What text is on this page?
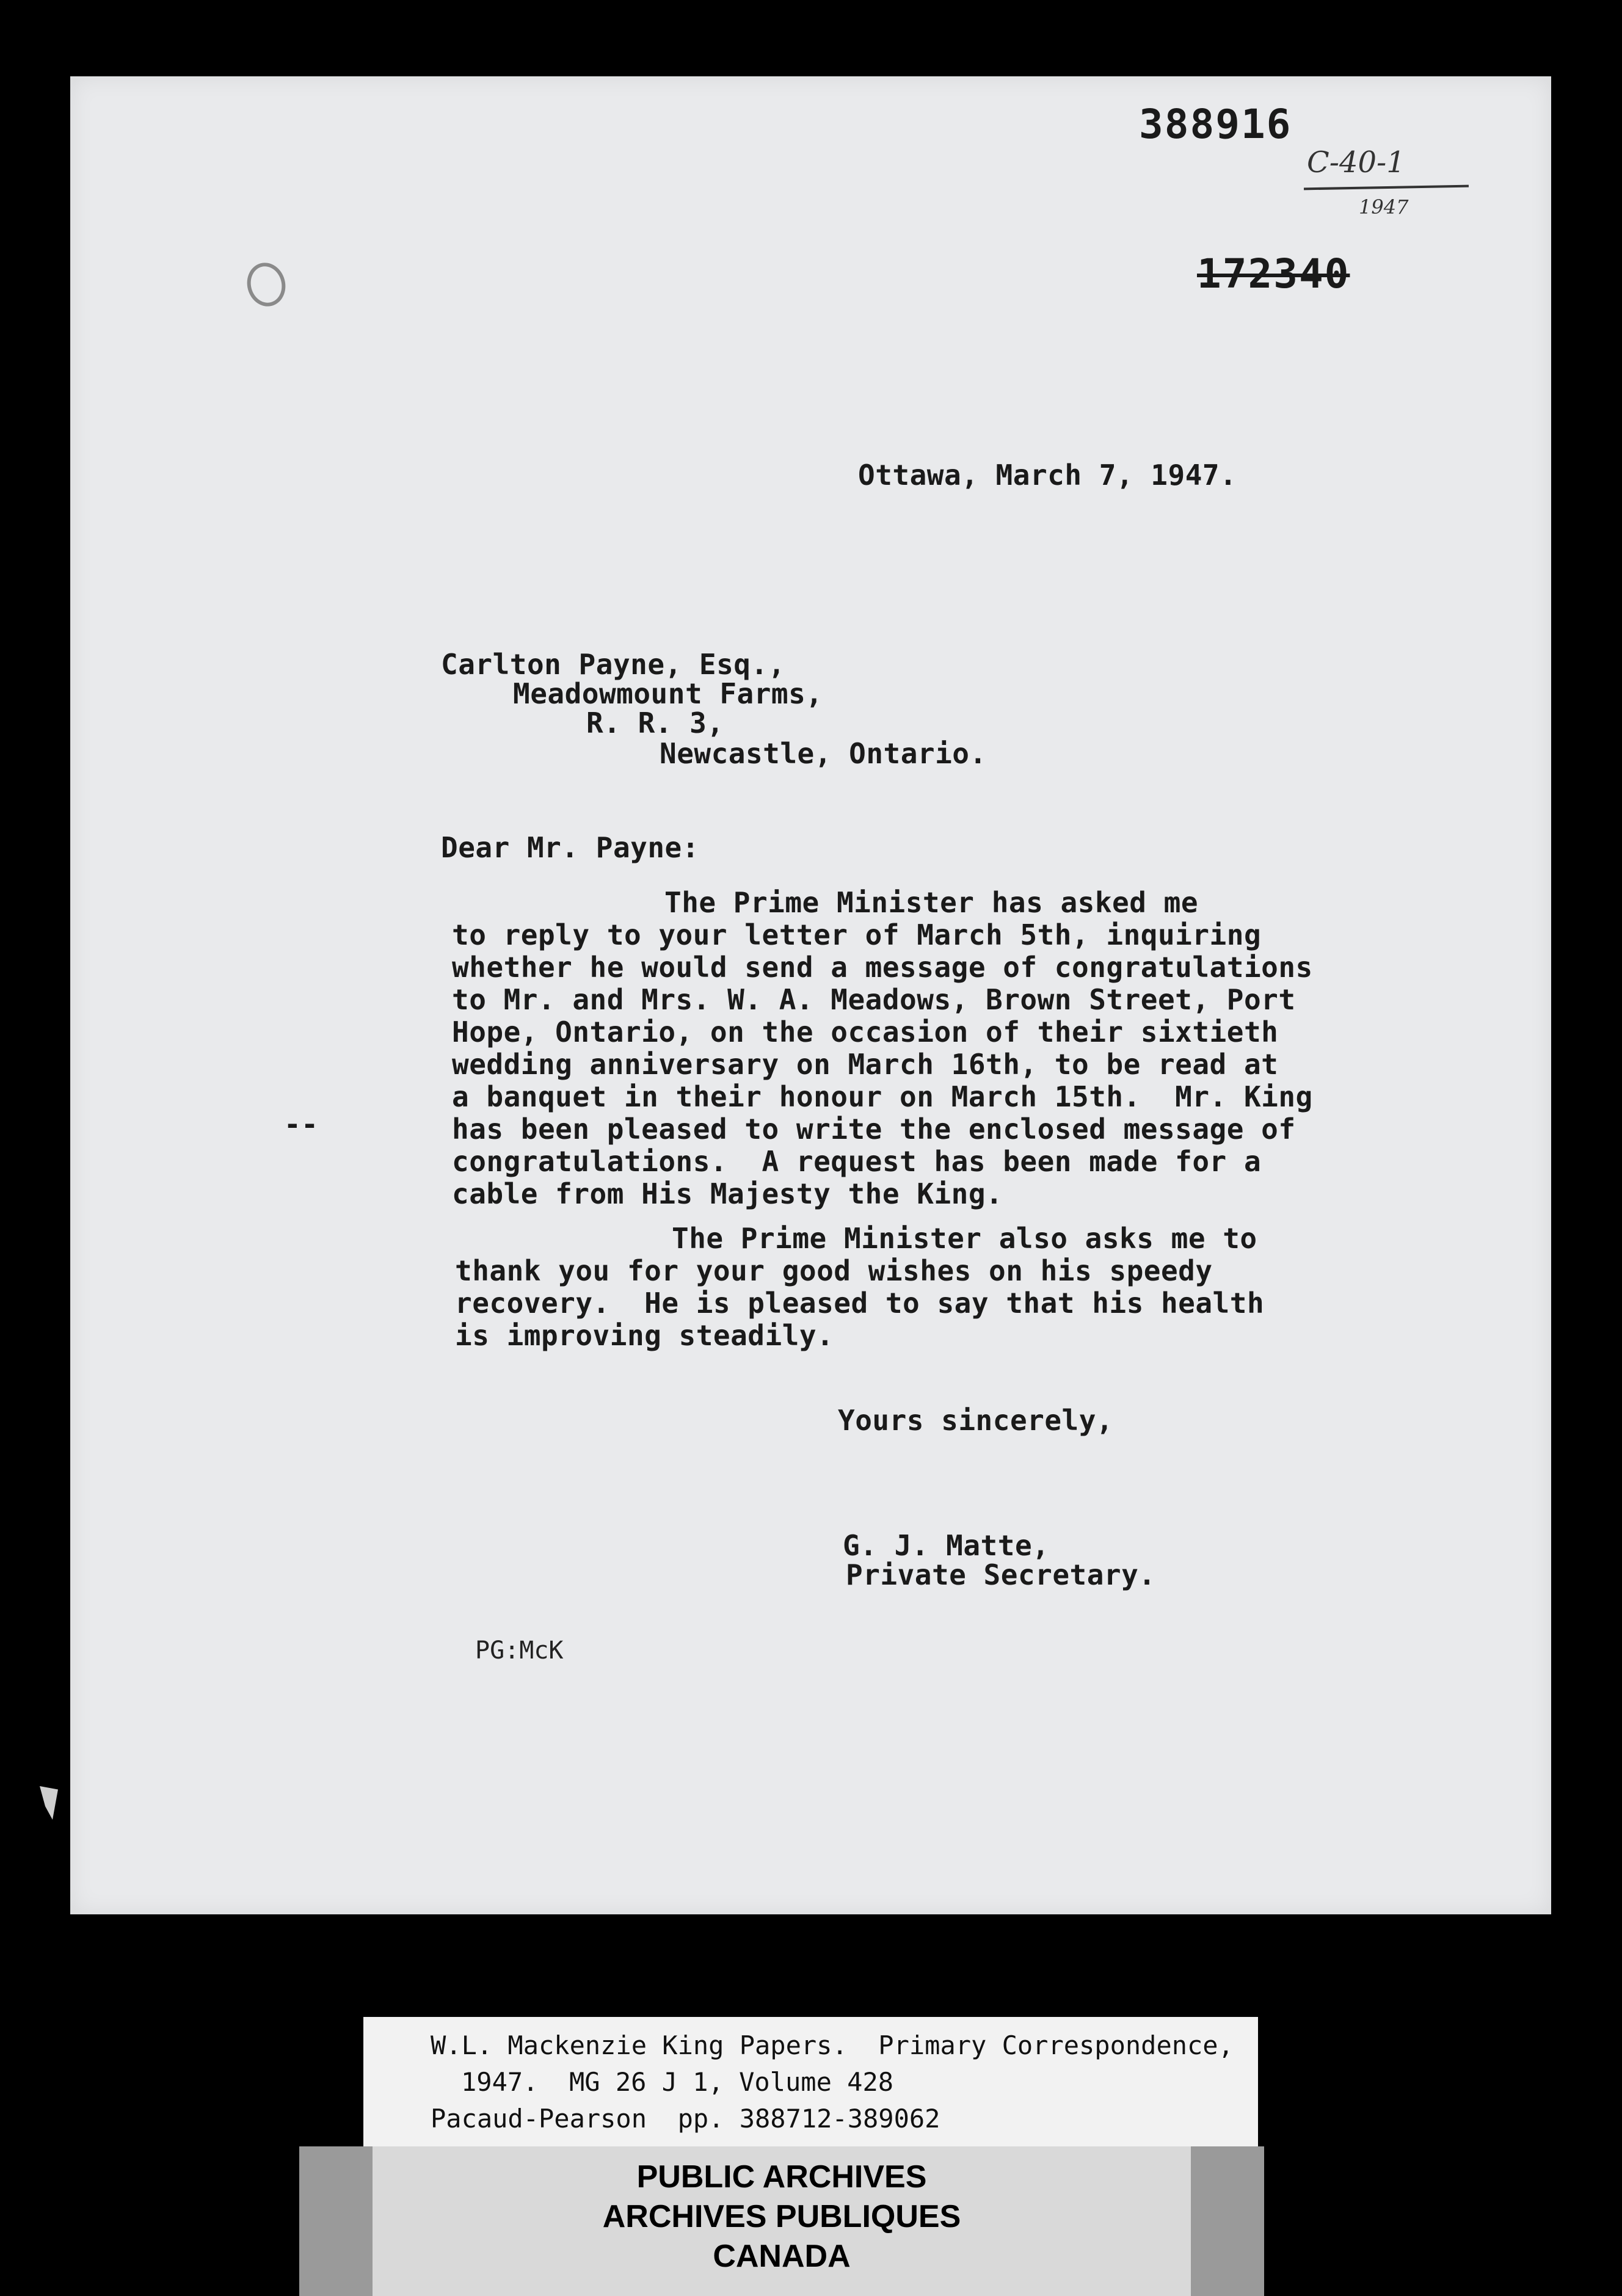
388916
C-40-1
1947
172340
Ottawa, March 7, 1947.
Carlton Payne, Esq.,
Meadowmount Farms,
R. R. 3,
Newcastle, Ontario.
Dear Mr. Payne:
The Prime Minister has asked me
to reply to your letter of March 5th, inquiring
whether he would send a message of congratulations
to Mr. and Mrs. W. A. Meadows, Brown Street, Port
Hope, Ontario, on the occasion of their sixtieth
wedding anniversary on March 16th, to be read at
a banquet in their honour on March 15th.  Mr. King
has been pleased to write the enclosed message of
congratulations.  A request has been made for a
cable from His Majesty the King.
--
The Prime Minister also asks me to
thank you for your good wishes on his speedy
recovery.  He is pleased to say that his health
is improving steadily.
Yours sincerely,
G. J. Matte,
Private Secretary.
PG:McK
W.L. Mackenzie King Papers.  Primary Correspondence,
1947.  MG 26 J 1, Volume 428
Pacaud-Pearson  pp. 388712-389062
PUBLIC ARCHIVES
ARCHIVES PUBLIQUES
CANADA
